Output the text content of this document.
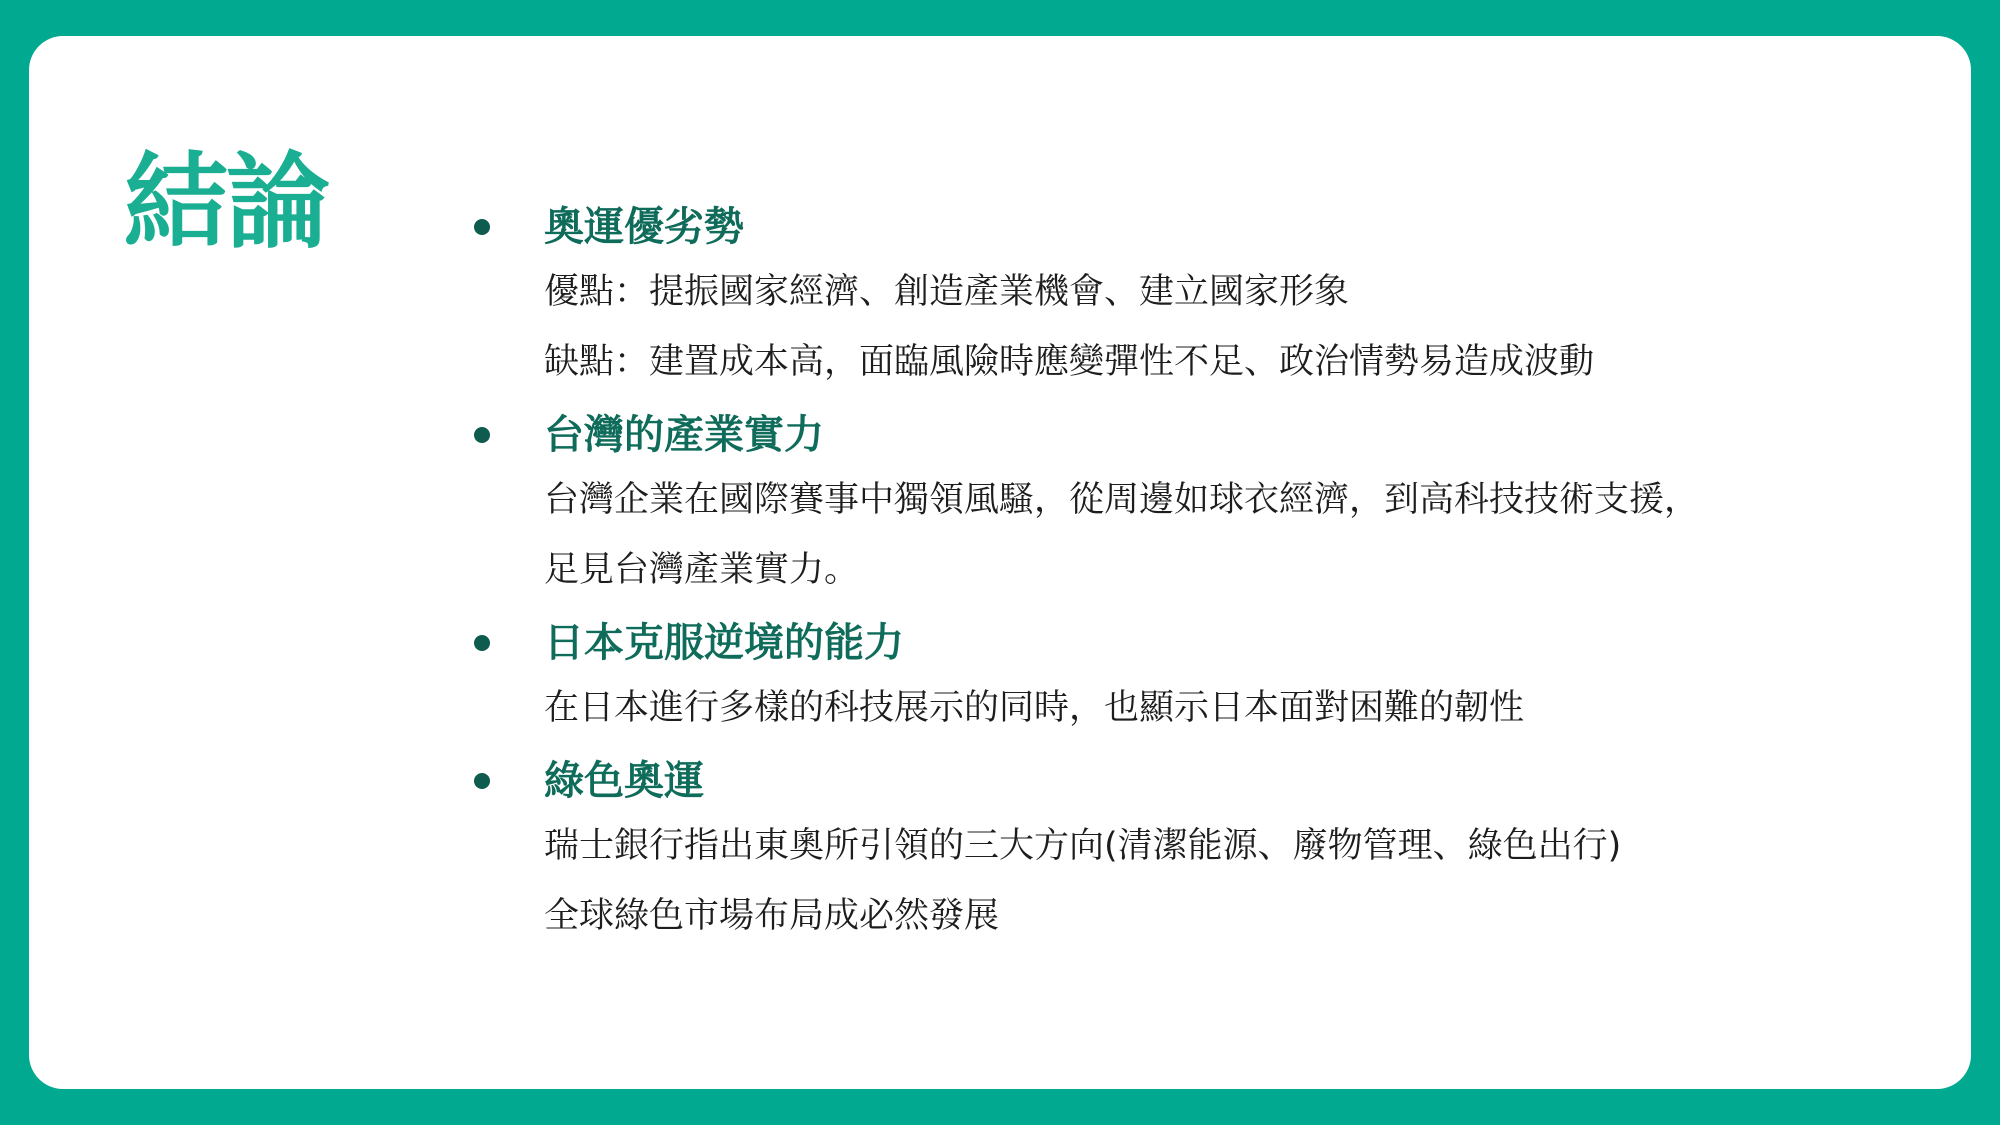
結論	奧運優劣勢
優點：提振國家經濟、創造產業機會、建立國家形象
缺點：建置成本高，面臨風險時應變彈性不足、政治情勢易造成波動
台灣的產業實力
台灣企業在國際賽事中獨領風騷，從周邊如球衣經濟，到高科技技術支援，
足見台灣產業實力。
日本克服逆境的能力
在日本進行多樣的科技展示的同時，也顯示日本面對困難的韌性
綠色奧運
瑞士銀行指出東奧所引領的三大方向(清潔能源、廢物管理、綠色出行)
全球綠色市場布局成必然發展
